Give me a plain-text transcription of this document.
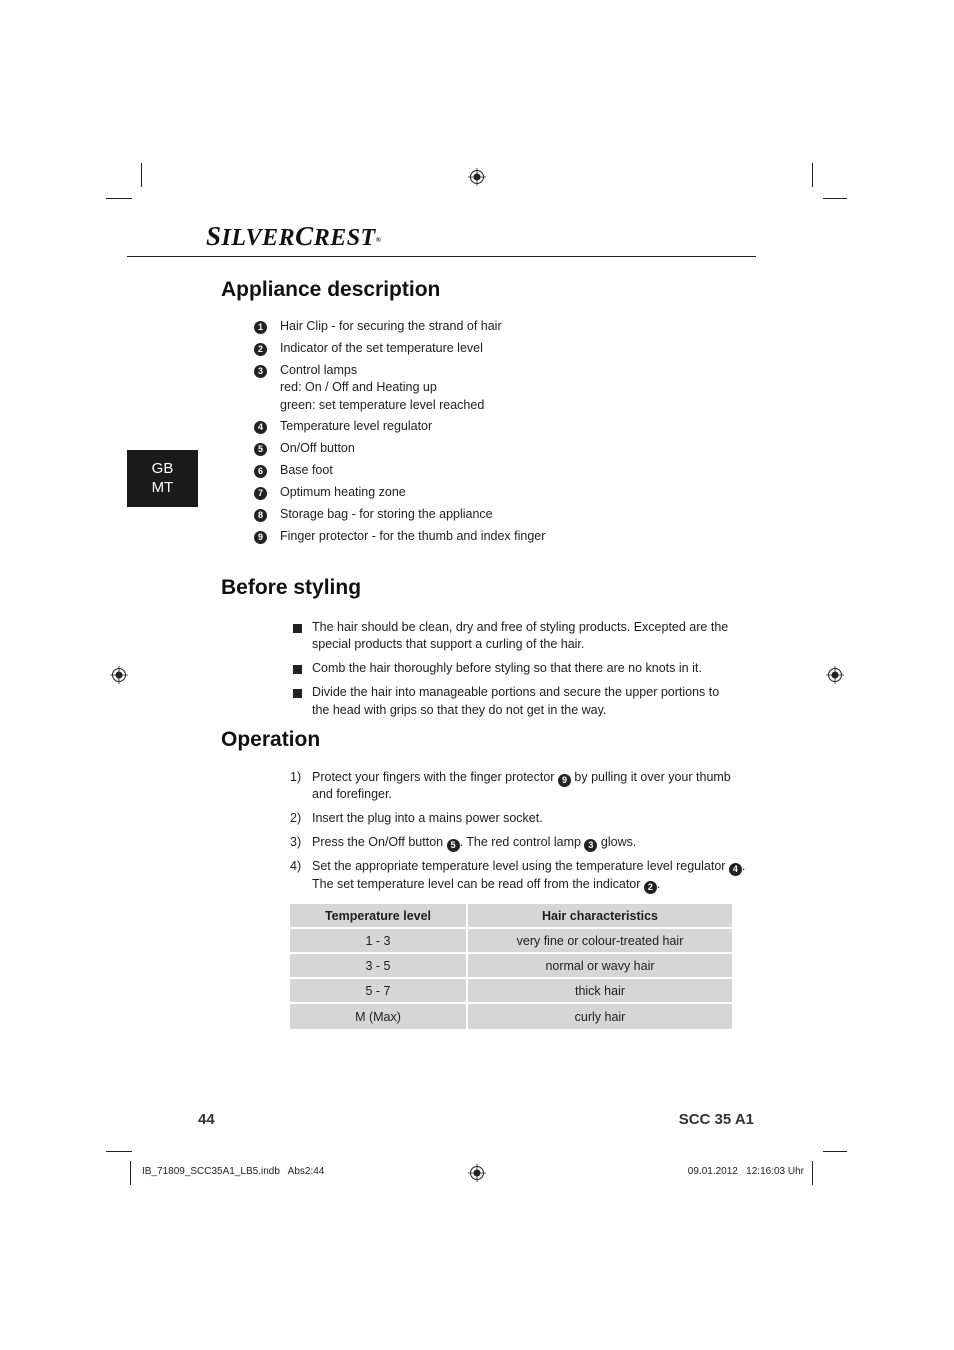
SILVERCREST®
GB
MT
Appliance description
1	Hair Clip - for securing the strand of hair
2	Indicator of the set temperature level
3	Control lamps
red: On / Off and Heating up
green: set temperature level reached
4	Temperature level regulator
5	On/Off button
6	Base foot
7	Optimum heating zone
8	Storage bag - for storing the appliance
9	Finger protector - for the thumb and index finger
Before styling
The hair should be clean, dry and free of styling products. Excepted are the
special products that support a curling of the hair.
Comb the hair thoroughly before styling so that there are no knots in it.
Divide the hair into manageable portions and secure the upper portions to
the head with grips so that they do not get in the way.
Operation
1) Protect your fingers with the finger protector 9 by pulling it over your thumb
and forefinger.
2) Insert the plug into a mains power socket.
3) Press the On/Off button 5 . The red control lamp 3 glows.
4) Set the appropriate temperature level using the temperature level regulator 4 .
The set temperature level can be read off from the indicator 2 .
Temperature level	Hair characteristics
1 - 3	very fine or colour-treated hair
3 - 5	normal or wavy hair
5 - 7	thick hair
M (Max)	curly hair
44	SCC 35 A1
IB_71809_SCC35A1_LB5.indb   Abs2:44	09.01.2012   12:16:03 Uhr
